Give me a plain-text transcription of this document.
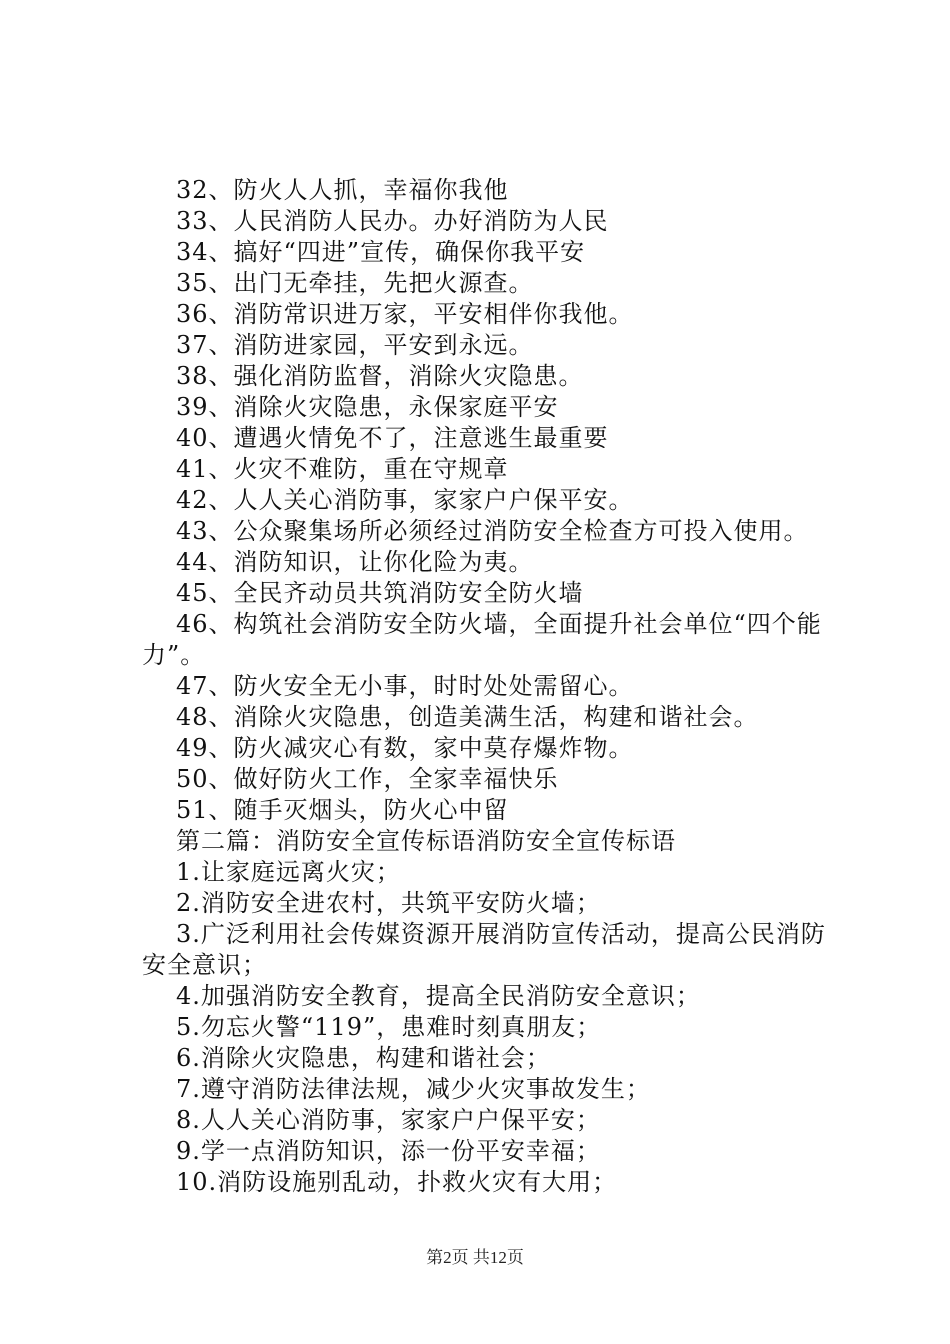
32、防火人人抓，幸福你我他
33、人民消防人民办。办好消防为人民
34、搞好“四进”宣传，确保你我平安
35、出门无牵挂，先把火源查。
36、消防常识进万家，平安相伴你我他。
37、消防进家园，平安到永远。
38、强化消防监督，消除火灾隐患。
39、消除火灾隐患，永保家庭平安
40、遭遇火情免不了，注意逃生最重要
41、火灾不难防，重在守规章
42、人人关心消防事，家家户户保平安。
43、公众聚集场所必须经过消防安全检查方可投入使用。
44、消防知识，让你化险为夷。
45、全民齐动员共筑消防安全防火墙
46、构筑社会消防安全防火墙，全面提升社会单位“四个能力”。
47、防火安全无小事，时时处处需留心。
48、消除火灾隐患，创造美满生活，构建和谐社会。
49、防火减灾心有数，家中莫存爆炸物。
50、做好防火工作，全家幸福快乐
51、随手灭烟头，防火心中留
第二篇：消防安全宣传标语消防安全宣传标语
1.让家庭远离火灾；
2.消防安全进农村，共筑平安防火墙；
3.广泛利用社会传媒资源开展消防宣传活动，提高公民消防安全意识；
4.加强消防安全教育，提高全民消防安全意识；
5.勿忘火警“119”，患难时刻真朋友；
6.消除火灾隐患，构建和谐社会；
7.遵守消防法律法规，减少火灾事故发生；
8.人人关心消防事，家家户户保平安；
9.学一点消防知识，添一份平安幸福；
10.消防设施别乱动，扑救火灾有大用；
第2页 共12页
